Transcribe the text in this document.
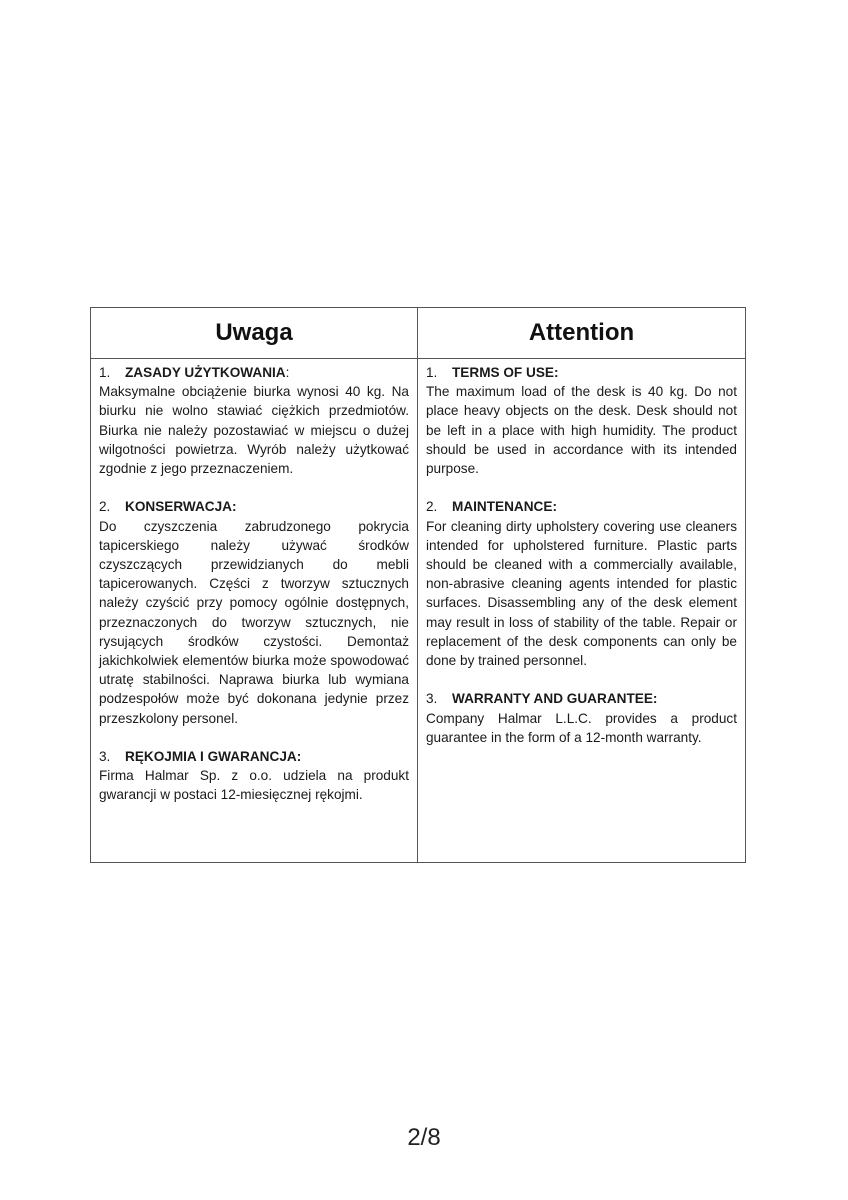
Uwaga	Attention
1. ZASADY UŻYTKOWANIA:
Maksymalne obciążenie biurka wynosi 40 kg. Na biurku nie wolno stawiać ciężkich przedmiotów. Biurka nie należy pozostawiać w miejscu o dużej wilgotności powietrza. Wyrób należy użytkować zgodnie z jego przeznaczeniem.
2. KONSERWACJA:
Do czyszczenia zabrudzonego pokrycia tapicerskiego należy używać środków czyszczących przewidzianych do mebli tapicerowanych. Części z tworzyw sztucznych należy czyścić przy pomocy ogólnie dostępnych, przeznaczonych do tworzyw sztucznych, nie rysujących środków czystości. Demontaż jakichkolwiek elementów biurka może spowodować utratę stabilności. Naprawa biurka lub wymiana podzespołów może być dokonana jedynie przez przeszkolony personel.
3. RĘKOJMIA I GWARANCJA:
Firma Halmar Sp. z o.o. udziela na produkt gwarancji w postaci 12-miesięcznej rękojmi.
1. TERMS OF USE:
The maximum load of the desk is 40 kg. Do not place heavy objects on the desk. Desk should not be left in a place with high humidity. The product should be used in accordance with its intended purpose.
2. MAINTENANCE:
For cleaning dirty upholstery covering use cleaners intended for upholstered furniture. Plastic parts should be cleaned with a commercially available, non-abrasive cleaning agents intended for plastic surfaces. Disassembling any of the desk element may result in loss of stability of the table. Repair or replacement of the desk components can only be done by trained personnel.
3. WARRANTY AND GUARANTEE:
Company Halmar L.L.C. provides a product guarantee in the form of a 12-month warranty.
2/8
